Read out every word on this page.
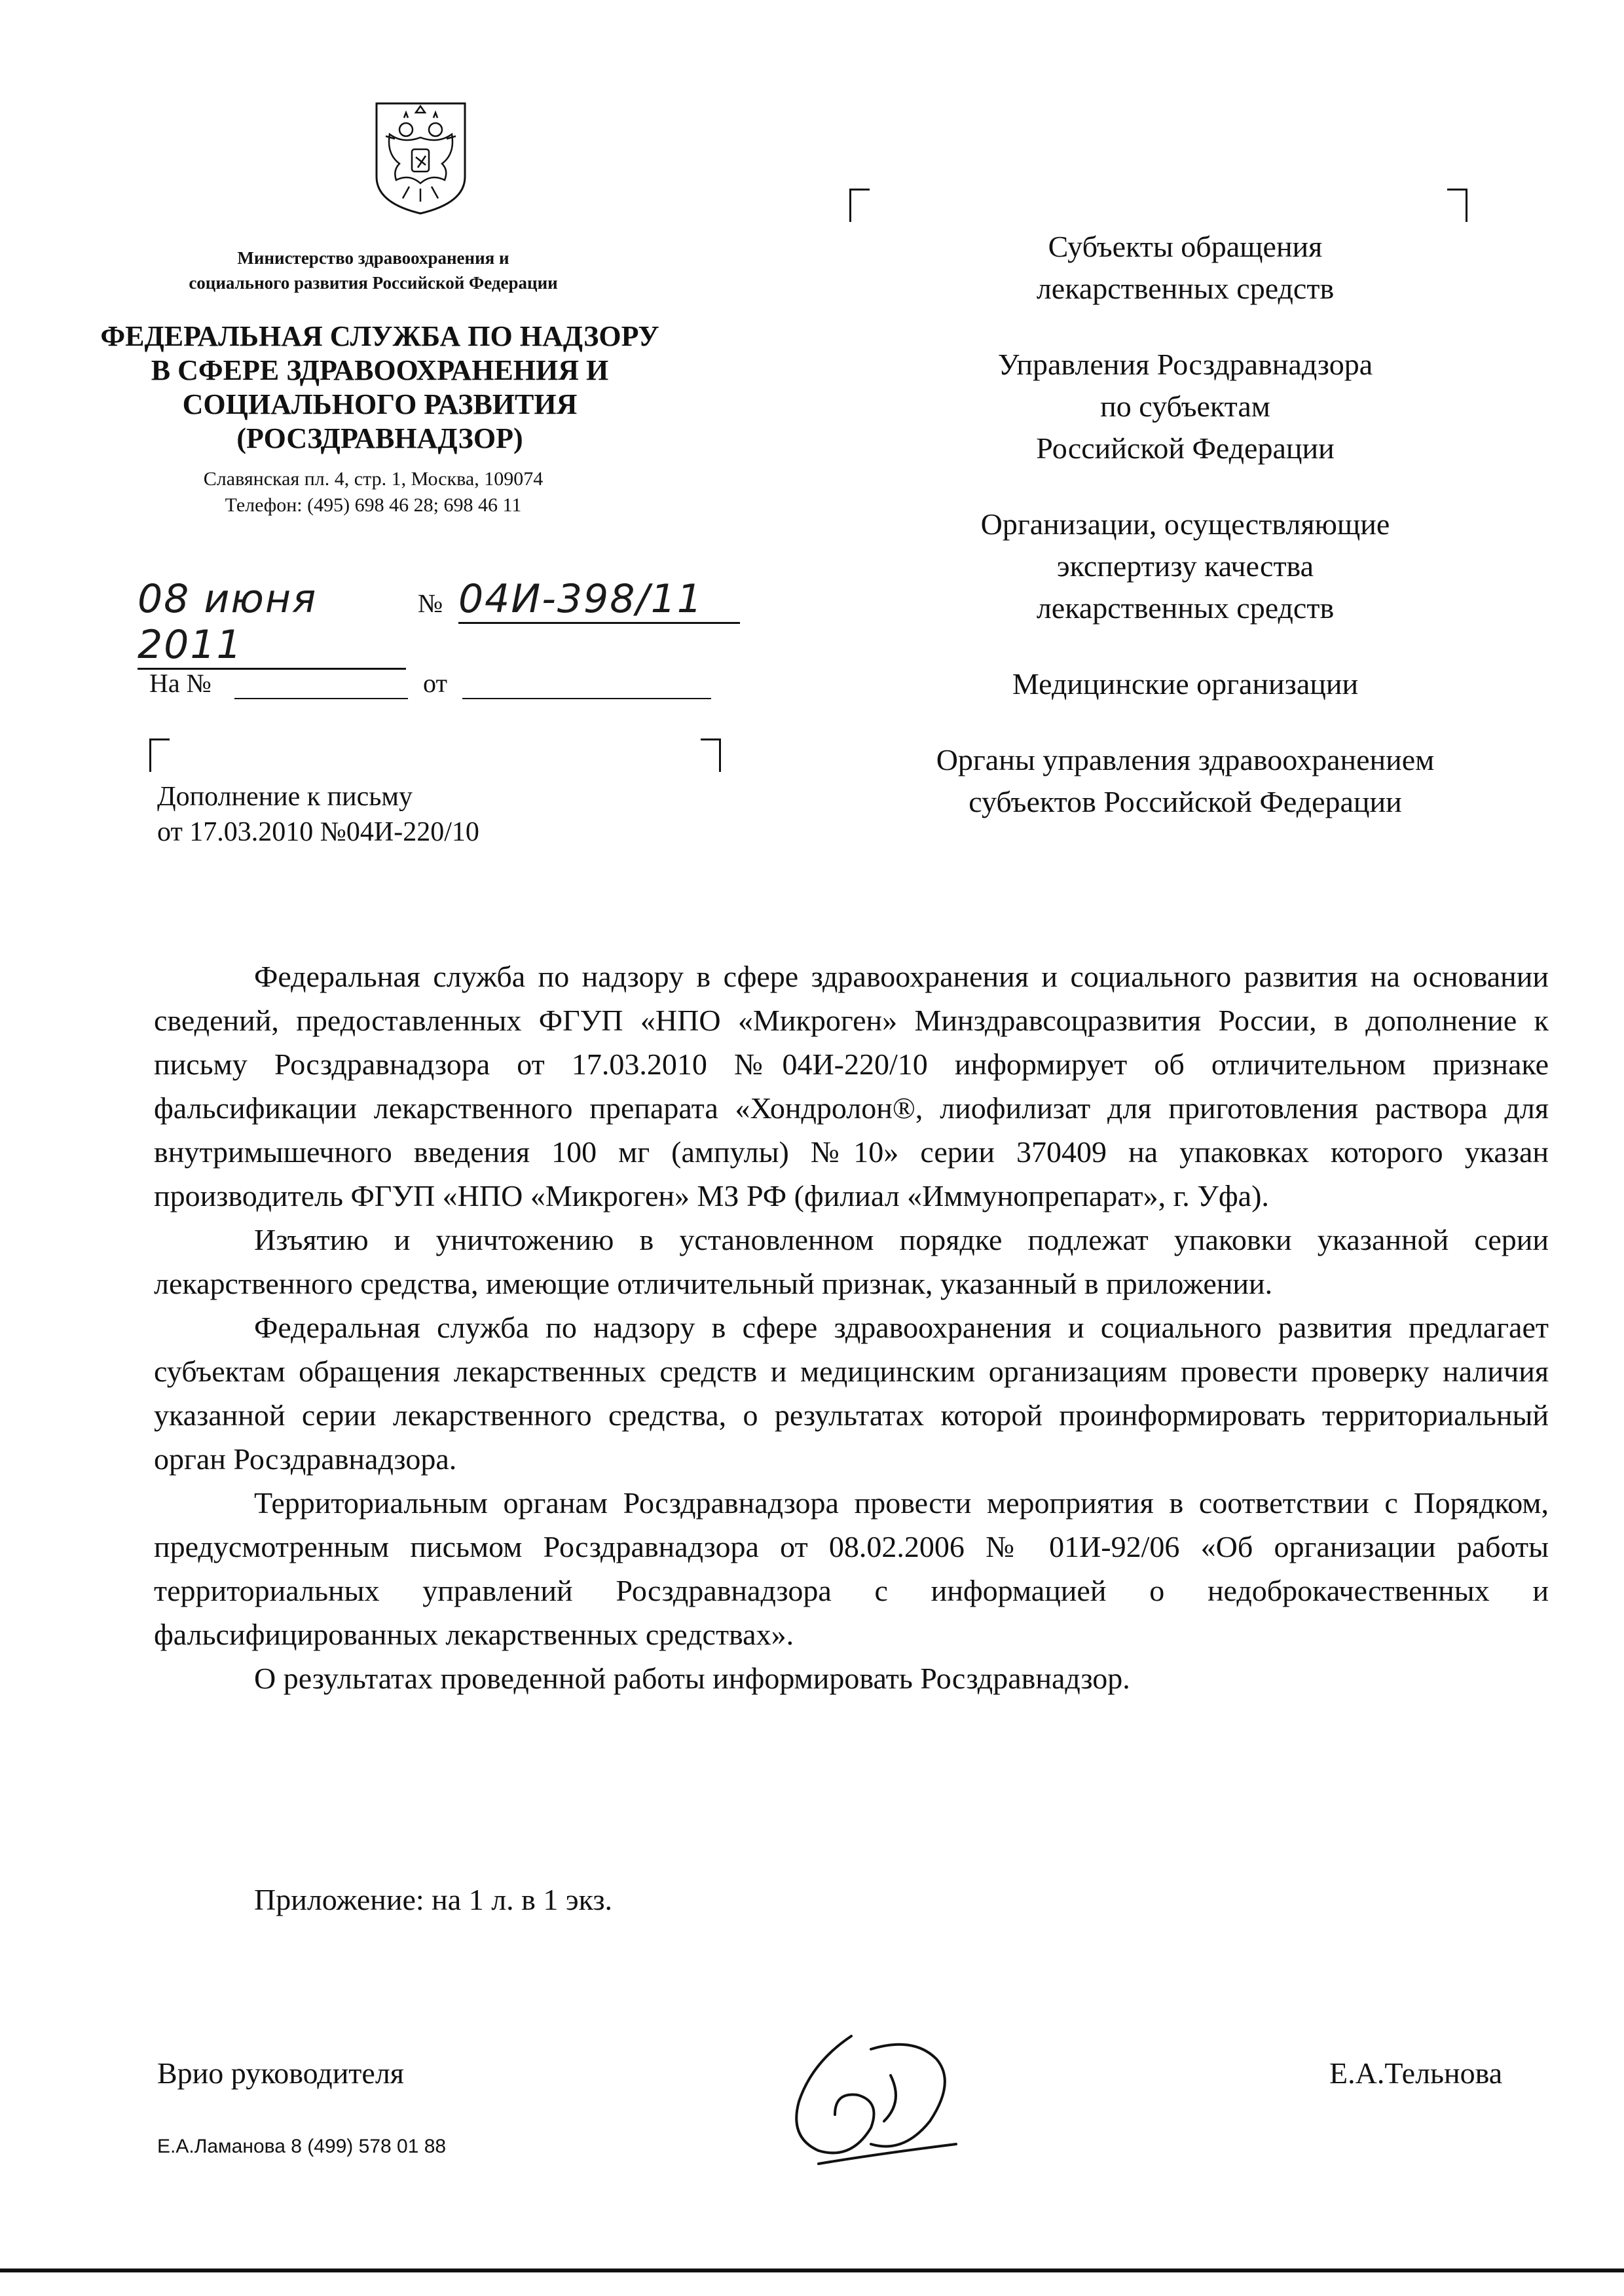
Министерство здравоохранения и
социального развития Российской Федерации
ФЕДЕРАЛЬНАЯ СЛУЖБА ПО НАДЗОРУ
В СФЕРЕ ЗДРАВООХРАНЕНИЯ И
СОЦИАЛЬНОГО РАЗВИТИЯ
(РОСЗДРАВНАДЗОР)
Славянская пл. 4, стр. 1, Москва, 109074
Телефон: (495) 698 46 28; 698 46 11
08 июня 2011
№ 04И-398/11
На №	от
Дополнение к письму
от 17.03.2010 №04И-220/10
Субъекты обращения
лекарственных средств
Управления Росздравнадзора
по субъектам
Российской Федерации
Организации, осуществляющие
экспертизу качества
лекарственных средств
Медицинские организации
Органы управления здравоохранением
субъектов Российской Федерации

Федеральная служба по надзору в сфере здравоохранения и социального развития на основании сведений, предоставленных ФГУП «НПО «Микроген» Минздравсоцразвития России, в дополнение к письму Росздравнадзора от 17.03.2010 №04И-220/10 информирует об отличительном признаке фальсификации лекарственного препарата «Хондролон®, лиофилизат для приготовления раствора для внутримышечного введения 100 мг (ампулы) №10» серии 370409 на упаковках которого указан производитель ФГУП «НПО «Микроген» МЗ РФ (филиал «Иммунопрепарат», г. Уфа).

Изъятию и уничтожению в установленном порядке подлежат упаковки указанной серии лекарственного средства, имеющие отличительный признак, указанный в приложении.

Федеральная служба по надзору в сфере здравоохранения и социального развития предлагает субъектам обращения лекарственных средств и медицинским организациям провести проверку наличия указанной серии лекарственного средства, о результатах которой проинформировать территориальный орган Росздравнадзора.

Территориальным органам Росздравнадзора провести мероприятия в соответствии с Порядком, предусмотренным письмом Росздравнадзора от 08.02.2006 № 01И-92/06 «Об организации работы территориальных управлений Росздравнадзора с информацией о недоброкачественных и фальсифицированных лекарственных средствах».

О результатах проведенной работы информировать Росздравнадзор.

Приложение: на 1 л. в 1 экз.
Врио руководителя	Е.А.Тельнова
Е.А.Ламанова 8 (499) 578 01 88
